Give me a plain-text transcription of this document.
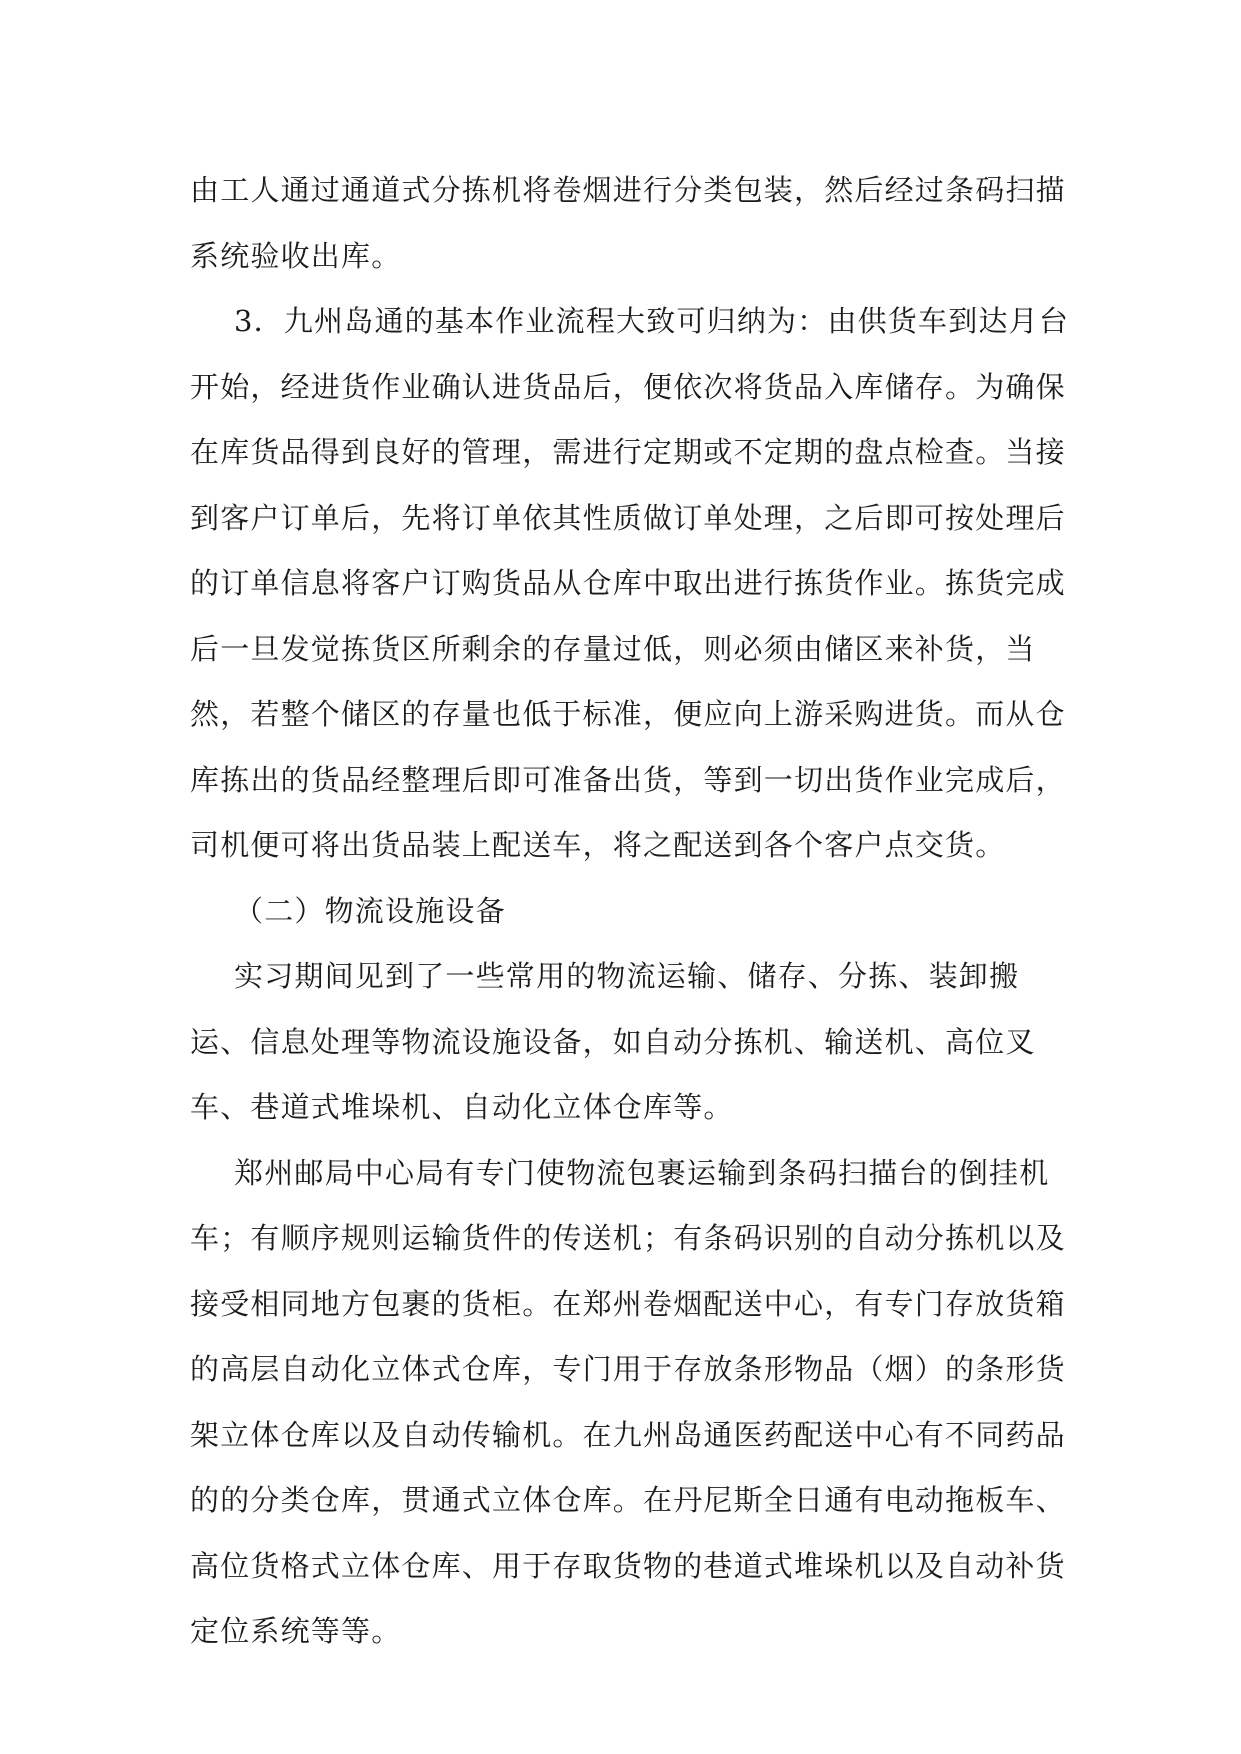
由工人通过通道式分拣机将卷烟进行分类包装，然后经过条码扫描系统验收出库。

3．九州岛通的基本作业流程大致可归纳为：由供货车到达月台开始，经进货作业确认进货品后，便依次将货品入库储存。为确保在库货品得到良好的管理，需进行定期或不定期的盘点检查。当接到客户订单后，先将订单依其性质做订单处理，之后即可按处理后的订单信息将客户订购货品从仓库中取出进行拣货作业。拣货完成后一旦发觉拣货区所剩余的存量过低，则必须由储区来补货，当然，若整个储区的存量也低于标准，便应向上游采购进货。而从仓库拣出的货品经整理后即可准备出货，等到一切出货作业完成后，司机便可将出货品装上配送车，将之配送到各个客户点交货。

（二）物流设施设备

实习期间见到了一些常用的物流运输、储存、分拣、装卸搬运、信息处理等物流设施设备，如自动分拣机、输送机、高位叉车、巷道式堆垛机、自动化立体仓库等。

郑州邮局中心局有专门使物流包裹运输到条码扫描台的倒挂机车；有顺序规则运输货件的传送机；有条码识别的自动分拣机以及接受相同地方包裹的货柜。在郑州卷烟配送中心，有专门存放货箱的高层自动化立体式仓库，专门用于存放条形物品（烟）的条形货架立体仓库以及自动传输机。在九州岛通医药配送中心有不同药品的的分类仓库，贯通式立体仓库。在丹尼斯全日通有电动拖板车、高位货格式立体仓库、用于存取货物的巷道式堆垛机以及自动补货定位系统等等。
